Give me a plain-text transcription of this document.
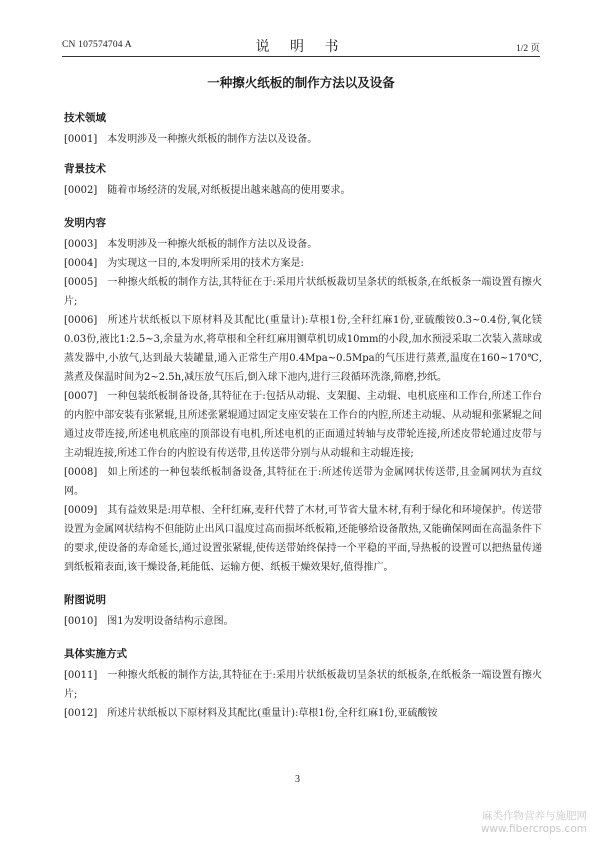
CN 107574704 A	说 明 书	1/2 页
一种擦火纸板的制作方法以及设备
技术领域

[0001] 本发明涉及一种擦火纸板的制作方法以及设备。

背景技术

[0002] 随着市场经济的发展,对纸板提出越来越高的使用要求。

发明内容

[0003] 本发明涉及一种擦火纸板的制作方法以及设备。

[0004] 为实现这一目的,本发明所采用的技术方案是:

[0005] 一种擦火纸板的制作方法,其特征在于:采用片状纸板裁切呈条状的纸板条,在纸板条一端设置有擦火片;

[0006] 所述片状纸板以下原材料及其配比(重量计):草根1份,全秆红麻1份,亚硫酸铵0.3~0.4份,氧化镁0.03份,液比1:2.5~3,余量为水,将草根和全秆红麻用铡草机切成10mm的小段,加水预浸采取二次装入蒸球或蒸发器中,小放气,达到最大装罐量,通入正常生产用0.4Mpa~0.5Mpa的气压进行蒸煮,温度在160~170℃,蒸煮及保温时间为2~2.5h,减压放气压后,倒入球下池内,进行三段循环洗涤,筛磨,抄纸。

[0007] 一种包装纸板制备设备,其特征在于:包括从动辊、支架腿、主动辊、电机底座和工作台,所述工作台的内腔中部安装有张紧辊,且所述张紧辊通过固定支座安装在工作台的内腔,所述主动辊、从动辊和张紧辊之间通过皮带连接,所述电机底座的顶部设有电机,所述电机的正面通过转轴与皮带轮连接,所述皮带轮通过皮带与主动辊连接,所述工作台的内腔设有传送带,且传送带分别与从动辊和主动辊连接;

[0008] 如上所述的一种包装纸板制备设备,其特征在于:所述传送带为金属网状传送带,且金属网状为直纹网。

[0009] 其有益效果是:用草根、全秆红麻,麦秆代替了木材,可节省大量木材,有利于绿化和环境保护。传送带设置为金属网状结构不但能防止出风口温度过高而损坏纸板箱,还能够给设备散热,又能确保网面在高温条件下的要求,使设备的寿命延长,通过设置张紧辊,使传送带始终保持一个平稳的平面,导热板的设置可以把热量传递到纸板箱表面,该干燥设备,耗能低、运输方便、纸板干燥效果好,值得推广。

附图说明

[0010] 图1为发明设备结构示意图。

具体实施方式

[0011] 一种擦火纸板的制作方法,其特征在于:采用片状纸板裁切呈条状的纸板条,在纸板条一端设置有擦火片;

[0012] 所述片状纸板以下原材料及其配比(重量计):草根1份,全秆红麻1份,亚硫酸铵

3
麻类作物营养与施肥网
www.fibercrops.com
